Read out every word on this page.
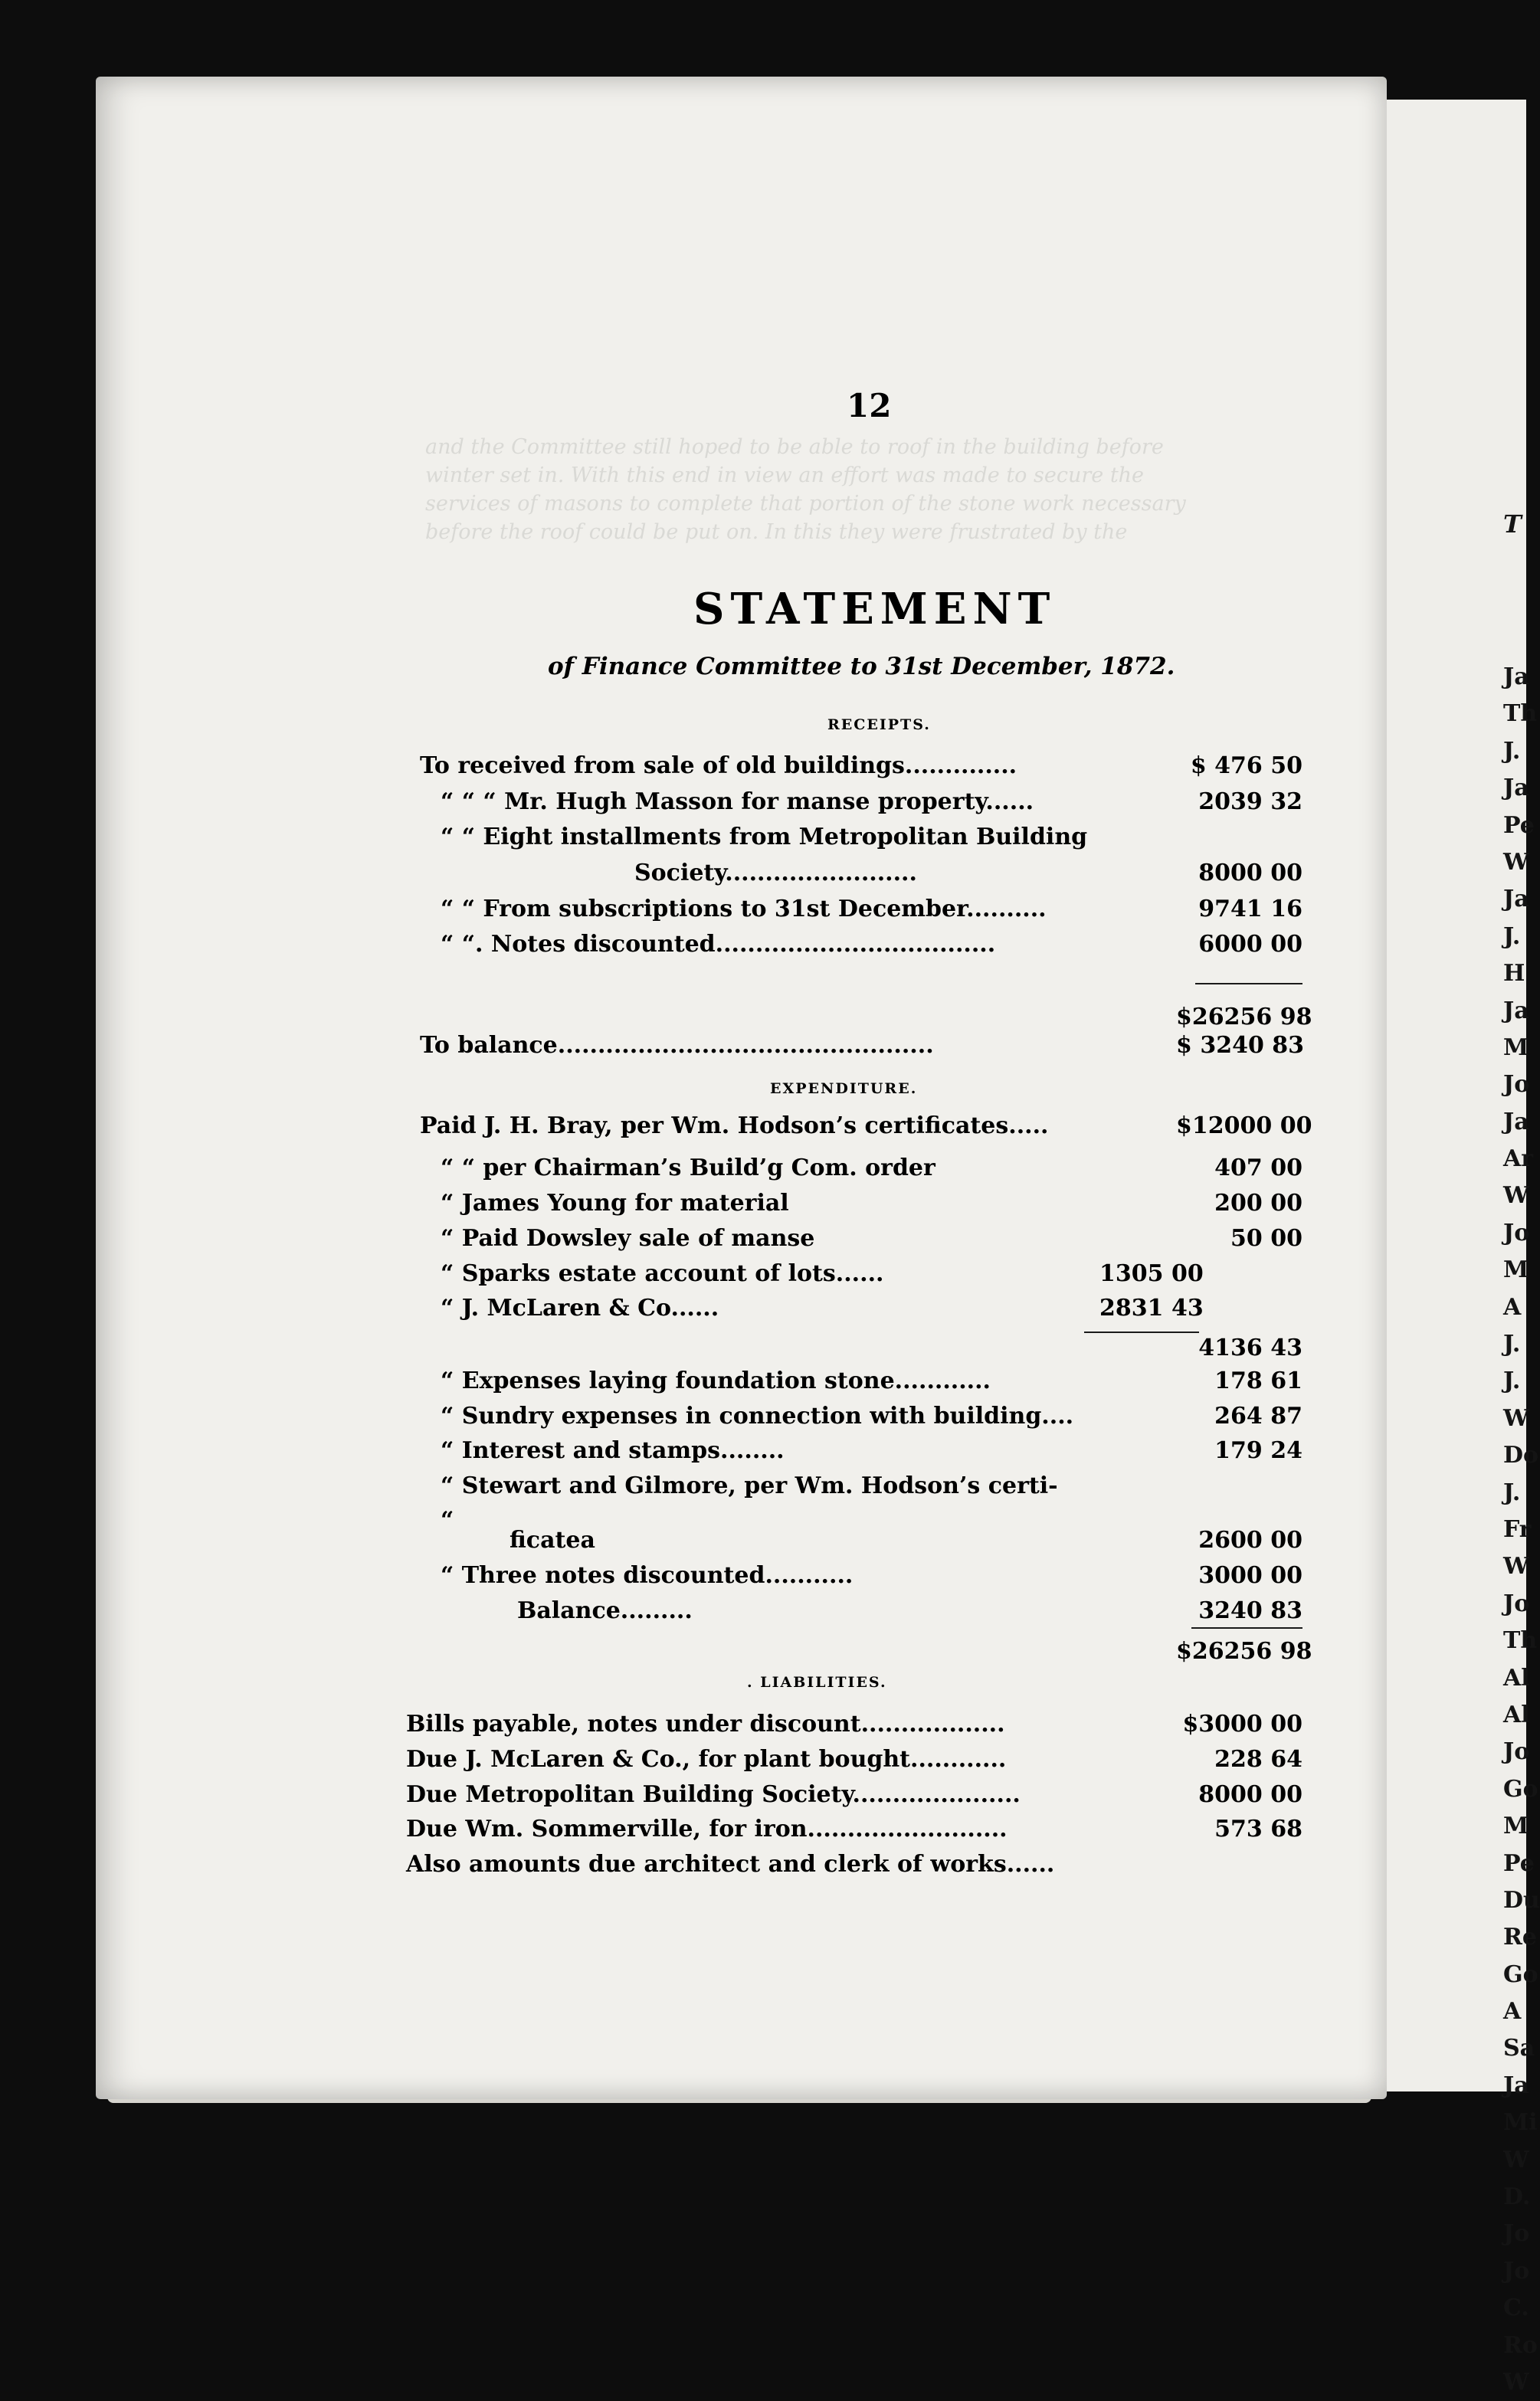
and the Committee still hoped to be able to roof in the building before
winter set in. With this end in view an effort was made to secure the
services of masons to complete that portion of the stone work necessary
before the roof could be put on. In this they were frustrated by the
12
STATEMENT
of Finance Committee to 31st December, 1872.
RECEIPTS.
To received from sale of old buildings..............	$ 476 50
“ “ “ Mr. Hugh Masson for manse property......	2039 32
“ “ Eight installments from Metropolitan Building
Society........................	8000 00
“ “ From subscriptions to 31st December..........	9741 16
“ “. Notes discounted...................................	6000 00
$26256 98
To balance...............................................	$ 3240 83
EXPENDITURE.
Paid J. H. Bray, per Wm. Hodson’s certificates.....	$12000 00
“ “ per Chairman’s Build’g Com. order	407 00
“ James Young for material	200 00
“ Paid Dowsley sale of manse	50 00
“ Sparks estate account of lots......	1305 00
“ J. McLaren & Co......	2831 43
4136 43
“ Expenses laying foundation stone............	178 61
“ Sundry expenses in connection with building....	264 87
“ Interest and stamps........	179 24
“ Stewart and Gilmore, per Wm. Hodson’s certi-
“
ficatea	2600 00
“ Three notes discounted...........	3000 00
Balance.........	3240 83
$26256 98
. LIABILITIES.
Bills payable, notes under discount..................	$3000 00
Due J. McLaren & Co., for plant bought............	228 64
Due Metropolitan Building Society.....................	8000 00
Due Wm. Sommerville, for iron.........................	573 68
Also amounts due architect and clerk of works......
T
Ja
Th
J.
Ja
Pe
W
Ja
J.
H
Ja
M
Jo
Ja
Ar
W
Jo
M
A
J.
J.
W
Do
J.
Fr
W
Jo
Th
Al
Al
Jo
Go
M
Pe
Du
Re
Go
A
Sa
Ja
Mi
W
D.
Jo
Jo
C.
Ro
W
